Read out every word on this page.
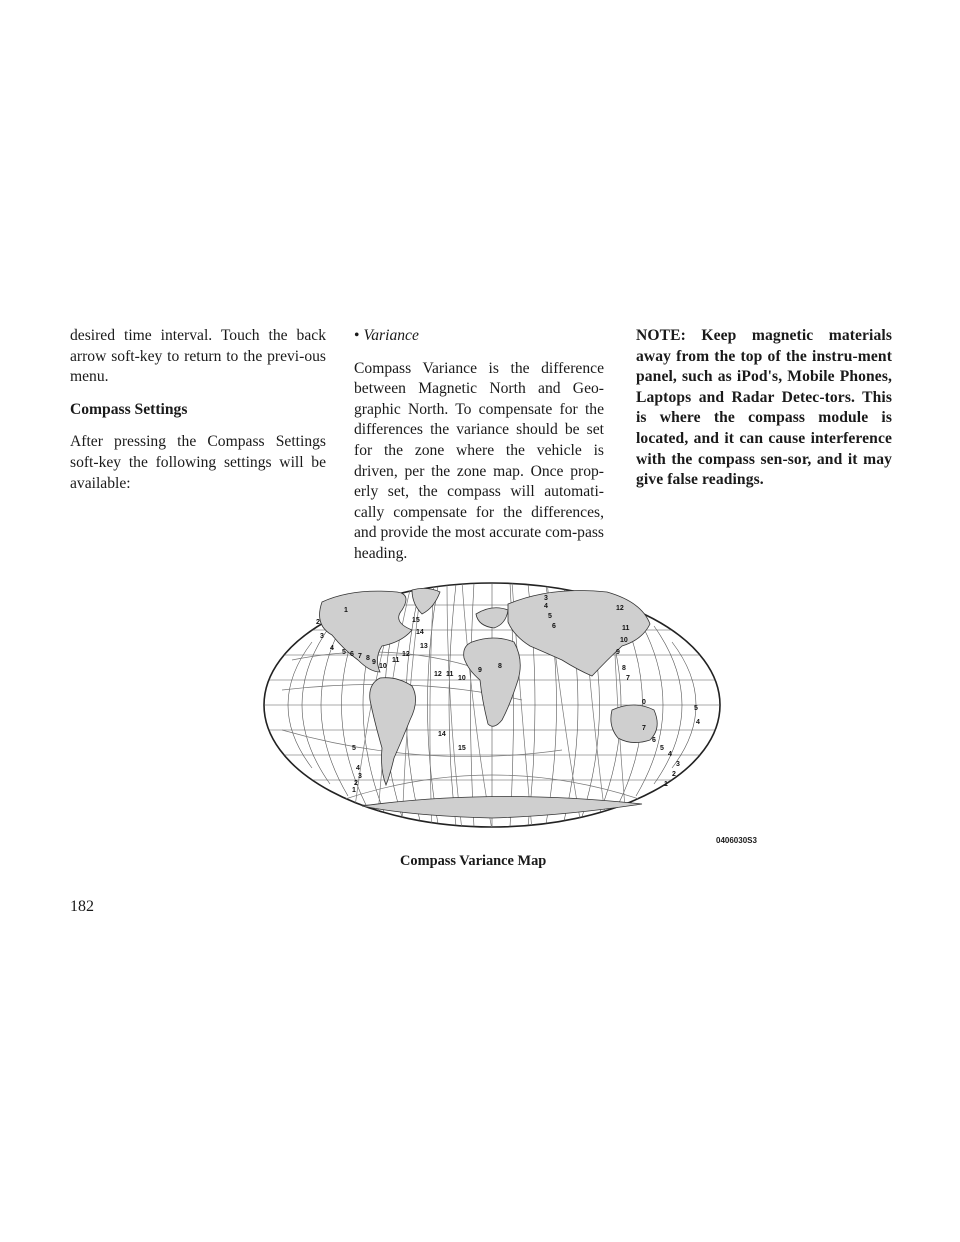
desired time interval. Touch the back arrow soft-key to return to the previ-ous menu.

Compass Settings

After pressing the Compass Settings soft-key the following settings will be available:

• Variance

Compass Variance is the difference between Magnetic North and Geo-graphic North. To compensate for the differences the variance should be set for the zone where the vehicle is driven, per the zone map. Once prop-erly set, the compass will automati-cally compensate for the differences, and provide the most accurate com-pass heading.

NOTE: Keep magnetic materials away from the top of the instru-ment panel, such as iPod's, Mobile Phones, Laptops and Radar Detec-tors. This is where the compass module is located, and it can cause interference with the compass sen-sor, and it may give false readings.

1
2
3
4
5 6 7 8
9
10
11
12
15
14
13
12 11
10
9
8
5
4
3
2
1
14
15
3
4
5
6
12
11
10
9
8
7
0
7
6
5
4
3
2
1
5
4
0406030S3
Compass Variance Map
182
